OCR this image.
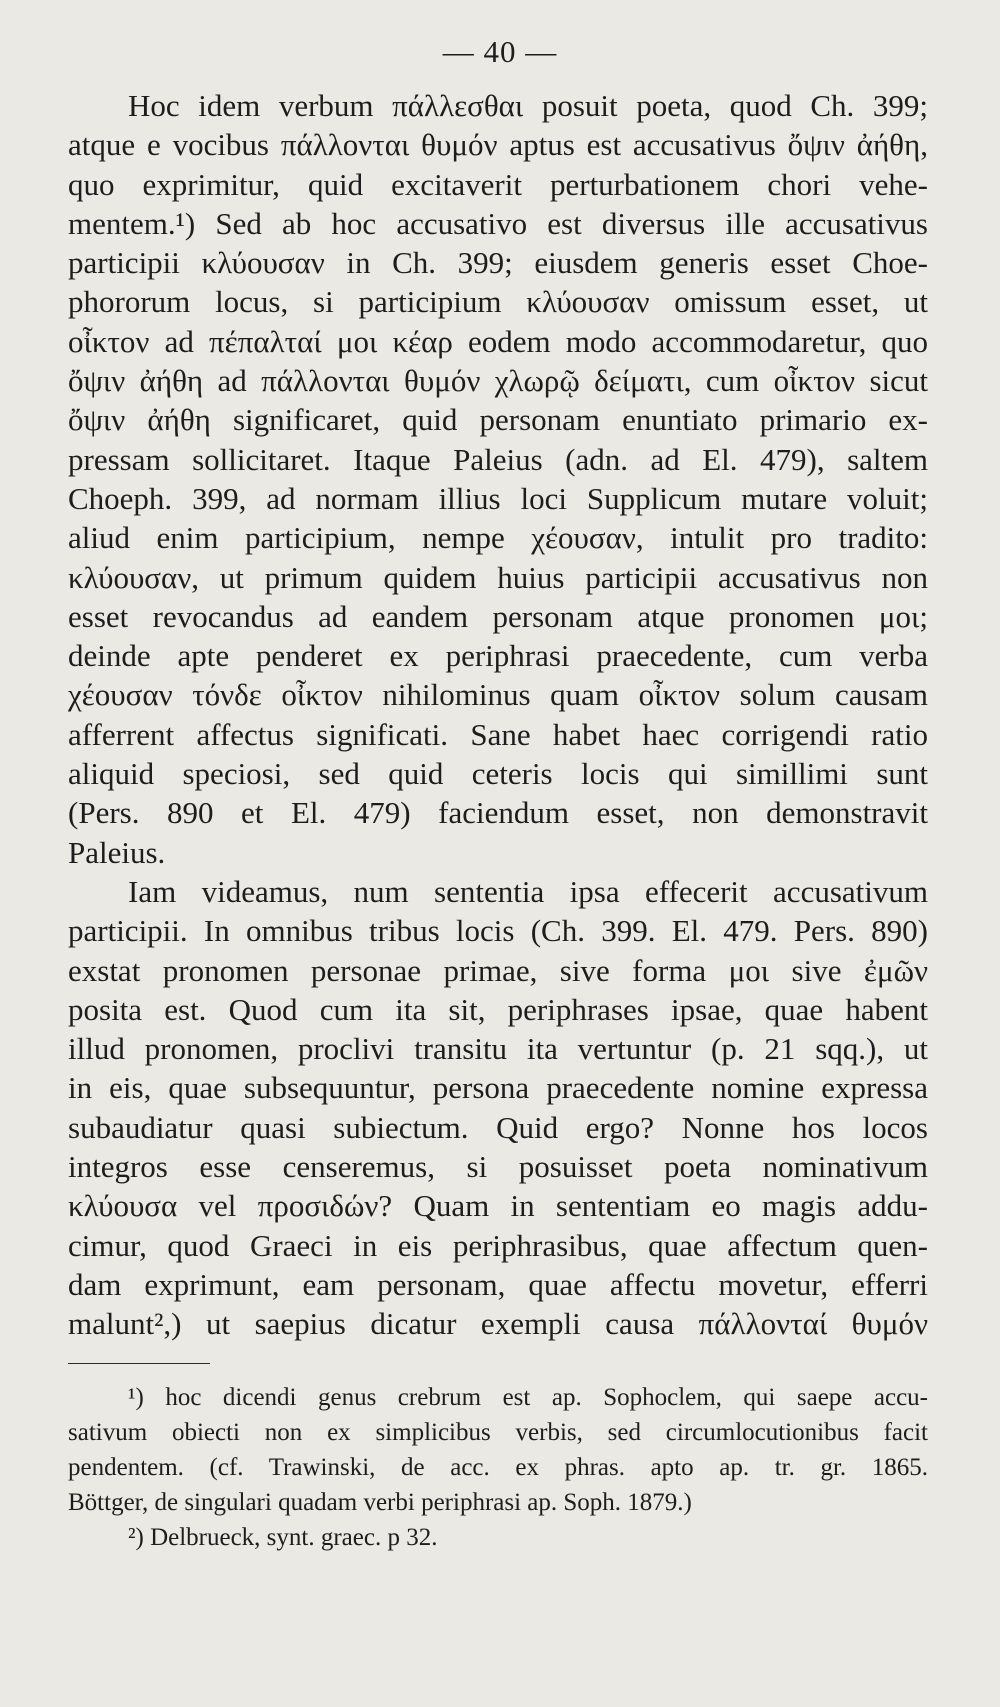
— 40 —
Hoc idem verbum πάλλεσθαι posuit poeta, quod Ch. 399;
atque e vocibus πάλλονται θυμόν aptus est accusativus ὄψιν ἀήθη,
quo exprimitur, quid excitaverit perturbationem chori vehe-
mentem.¹) Sed ab hoc accusativo est diversus ille accusativus
participii κλύουσαν in Ch. 399; eiusdem generis esset Choe-
phororum locus, si participium κλύουσαν omissum esset, ut
οἶκτον ad πέπαλταί μοι κέαρ eodem modo accommodaretur, quo
ὄψιν ἀήθη ad πάλλονται θυμόν χλωρῷ δείματι, cum οἶκτον sicut
ὄψιν ἀήθη significaret, quid personam enuntiato primario ex-
pressam sollicitaret. Itaque Paleius (adn. ad El. 479), saltem
Choeph. 399, ad normam illius loci Supplicum mutare voluit;
aliud enim participium, nempe χέουσαν, intulit pro tradito:
κλύουσαν, ut primum quidem huius participii accusativus non
esset revocandus ad eandem personam atque pronomen μοι;
deinde apte penderet ex periphrasi praecedente, cum verba
χέουσαν τόνδε οἶκτον nihilominus quam οἶκτον solum causam
afferrent affectus significati. Sane habet haec corrigendi ratio
aliquid speciosi, sed quid ceteris locis qui simillimi sunt
(Pers. 890 et El. 479) faciendum esset, non demonstravit
Paleius.
Iam videamus, num sententia ipsa effecerit accusativum
participii. In omnibus tribus locis (Ch. 399. El. 479. Pers. 890)
exstat pronomen personae primae, sive forma μοι sive ἐμῶν
posita est. Quod cum ita sit, periphrases ipsae, quae habent
illud pronomen, proclivi transitu ita vertuntur (p. 21 sqq.), ut
in eis, quae subsequuntur, persona praecedente nomine expressa
subaudiatur quasi subiectum. Quid ergo? Nonne hos locos
integros esse censeremus, si posuisset poeta nominativum
κλύουσα vel προσιδών? Quam in sententiam eo magis addu-
cimur, quod Graeci in eis periphrasibus, quae affectum quen-
dam exprimunt, eam personam, quae affectu movetur, efferri
malunt²,) ut saepius dicatur exempli causa πάλλονταί θυμόν
¹) hoc dicendi genus crebrum est ap. Sophoclem, qui saepe accu-
sativum obiecti non ex simplicibus verbis, sed circumlocutionibus facit
pendentem. (cf. Trawinski, de acc. ex phras. apto ap. tr. gr. 1865.
Böttger, de singulari quadam verbi periphrasi ap. Soph. 1879.)
²) Delbrueck, synt. graec. p 32.
